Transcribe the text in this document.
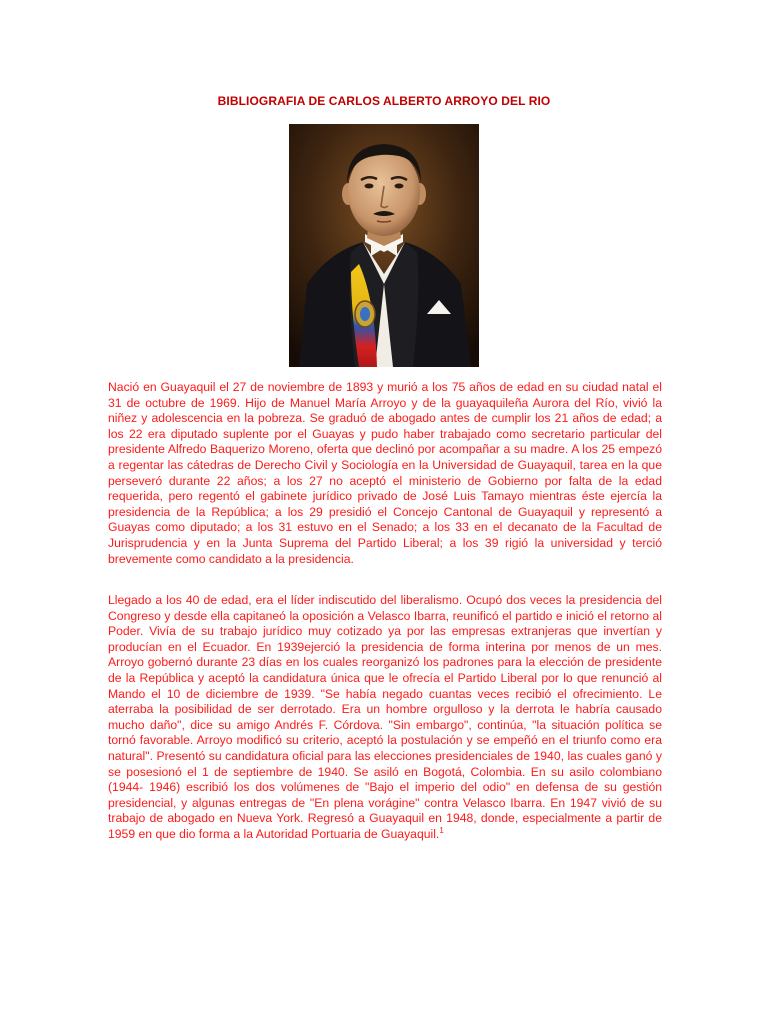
BIBLIOGRAFIA DE CARLOS ALBERTO ARROYO DEL RIO

Nació en Guayaquil el 27 de noviembre de 1893 y murió a los 75 años de edad en su ciudad natal el 31 de octubre de 1969. Hijo de Manuel María Arroyo y de la guayaquileña Aurora del Río, vivió la niñez y adolescencia en la pobreza. Se graduó de abogado antes de cumplir los 21 años de edad; a los 22 era diputado suplente por el Guayas y pudo haber trabajado como secretario particular del presidente Alfredo Baquerizo Moreno, oferta que declinó por acompañar a su madre. A los 25 empezó a regentar las cátedras de Derecho Civil y Sociología en la Universidad de Guayaquil, tarea en la que perseveró durante 22 años; a los 27 no aceptó el ministerio de Gobierno por falta de la edad requerida, pero regentó el gabinete jurídico privado de José Luis Tamayo mientras éste ejercía la presidencia de la República; a los 29 presidió el Concejo Cantonal de Guayaquil y representó a Guayas como diputado; a los 31 estuvo en el Senado; a los 33 en el decanato de la Facultad de Jurisprudencia y en la Junta Suprema del Partido Liberal; a los 39 rigió la universidad y terció brevemente como candidato a la presidencia.

Llegado a los 40 de edad, era el líder indiscutido del liberalismo. Ocupó dos veces la presidencia del Congreso y desde ella capitaneó la oposición a Velasco Ibarra, reunificó el partido e inició el retorno al Poder. Vivía de su trabajo jurídico muy cotizado ya por las empresas extranjeras que invertían y producían en el Ecuador. En 1939ejerció la presidencia de forma interina por menos de un mes. Arroyo gobernó durante 23 días en los cuales reorganizó los padrones para la elección de presidente de la República y aceptó la candidatura única que le ofrecía el Partido Liberal por lo que renunció al Mando el 10 de diciembre de 1939. "Se había negado cuantas veces recibió el ofrecimiento. Le aterraba la posibilidad de ser derrotado. Era un hombre orgulloso y la derrota le habría causado mucho daño", dice su amigo Andrés F. Córdova. "Sin embargo", continúa, "la situación política se tornó favorable. Arroyo modificó su criterio, aceptó la postulación y se empeñó en el triunfo como era natural". Presentó su candidatura oficial para las elecciones presidenciales de 1940, las cuales ganó y se posesionó el 1 de septiembre de 1940. Se asiló en Bogotá, Colombia. En su asilo colombiano (1944- 1946) escribió los dos volúmenes de "Bajo el imperio del odio" en defensa de su gestión presidencial, y algunas entregas de "En plena vorágine" contra Velasco Ibarra. En 1947 vivió de su trabajo de abogado en Nueva York. Regresó a Guayaquil en 1948, donde, especialmente a partir de 1959 en que dio forma a la Autoridad Portuaria de Guayaquil.$^1$
